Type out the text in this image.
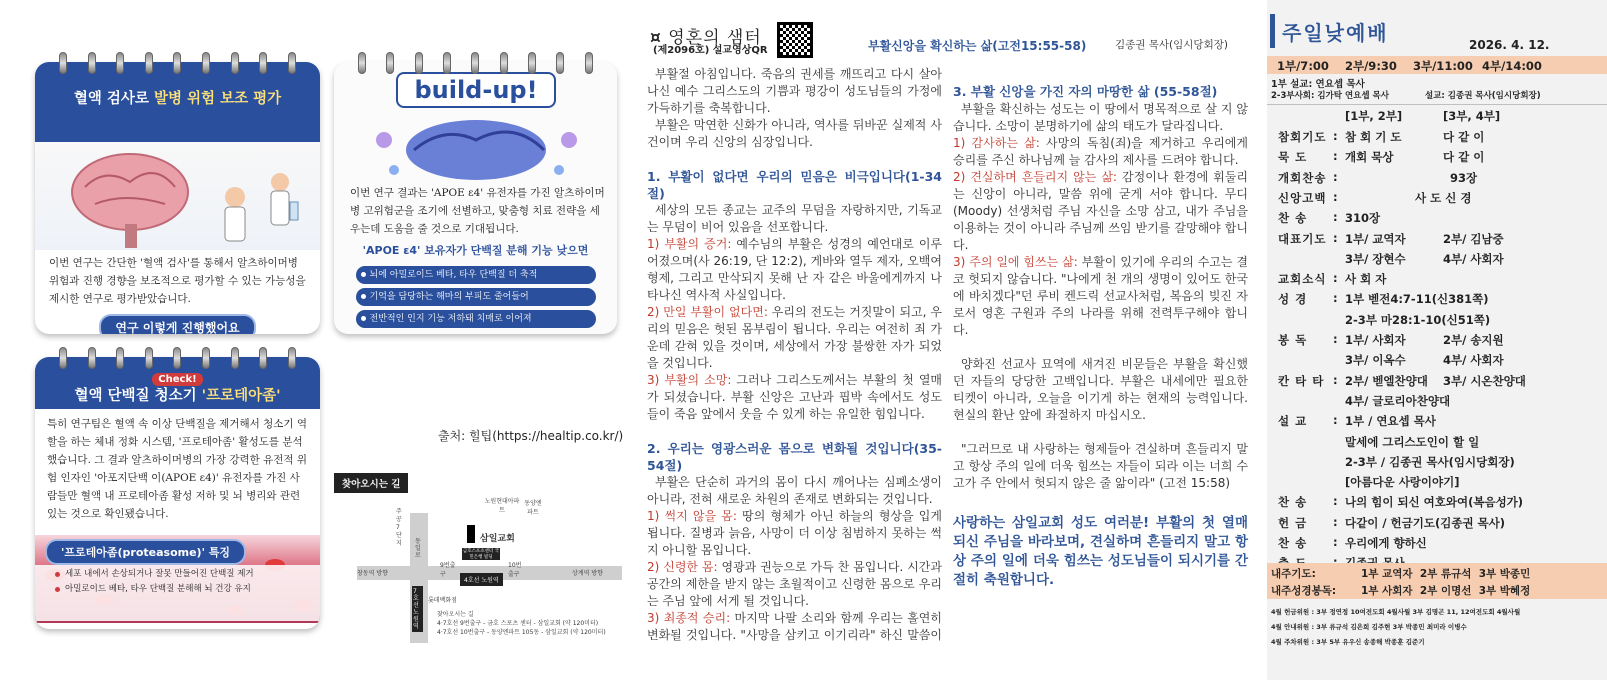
혈액 검사로 발병 위험 보조 평가
이번 연구는 간단한 '혈액 검사'를 통해서 알츠하이머병 위험과 진행 경향을 보조적으로 평가할 수 있는 가능성을 제시한 연구로 평가받았습니다.
연구 이렇게 진행했어요
build-up!
이번 연구 결과는 'APOE ε4' 유전자를 가진 알츠하이머병 고위험군을 조기에 선별하고, 맞춤형 치료 전략을 세우는데 도움을 줄 것으로 기대됩니다.
'APOE ε4' 보유자가 단백질 분해 기능 낮으면
뇌에 아밀로이드 베타, 타우 단백질 더 축적
기억을 담당하는 해마의 부피도 줄어들어
전반적인 인지 기능 저하돼 치매로 이어져
Check!
혈액 단백질 청소기 '프로테아좀'
특히 연구팀은 혈액 속 이상 단백질을 제거해서 청소기 역할을 하는 체내 정화 시스템, '프로테아좀' 활성도를 분석했습니다. 그 결과 알츠하이머병의 가장 강력한 유전적 위험 인자인 '아포지단백 이(APOE ε4)' 유전자를 가진 사람들만 혈액 내 프로테아좀 활성 저하 및 뇌 병리와 관련 있는 것으로 확인됐습니다.
'프로테아좀(proteasome)' 특징
세포 내에서 손상되거나 잘못 만들어진 단백질 제거
아밀로이드 베타, 타우 단백질 분해해 뇌 건강 유지
출처: 힐팁(https://healtip.co.kr/)
찾아오시는 길
주공7단지	동일로
노원현대아파트
동양엔파트
삼일교회
금호스포츠센터 국민은행 빌딩
창동역 방향	상계역 방향
9번출구
10번출구
4호선 노원역
7호선노원역
롯데백화점
찾아오시는 길
4·7호선 9번출구 - 금호 스포츠 센터 - 삼일교회 (약 120미터)
4·7호선 10번출구 - 동양엔파트 105동 - 삼일교회 (약 120미터)
¤ 영혼의 샘터
(제2096호) 설교영상QR	부활신앙을 확신하는 삶(고전15:55-58)	김종권 목사(임시당회장)

부활절 아침입니다. 죽음의 권세를 깨뜨리고 다시 살아나신 예수 그리스도의 기쁨과 평강이 성도님들의 가정에 가득하기를 축복합니다.

부활은 막연한 신화가 아니라, 역사를 뒤바꾼 실제적 사건이며 우리 신앙의 심장입니다.

1. 부활이 없다면 우리의 믿음은 비극입니다(1-34절)

세상의 모든 종교는 교주의 무덤을 자랑하지만, 기독교는 무덤이 비어 있음을 선포합니다.

1) 부활의 증거: 예수님의 부활은 성경의 예언대로 이루어졌으며(사 26:19, 단 12:2), 게바와 열두 제자, 오백여 형제, 그리고 만삭되지 못해 난 자 같은 바울에게까지 나타나신 역사적 사실입니다.

2) 만일 부활이 없다면: 우리의 전도는 거짓말이 되고, 우리의 믿음은 헛된 몸부림이 됩니다. 우리는 여전히 죄 가운데 갇혀 있을 것이며, 세상에서 가장 불쌍한 자가 되었을 것입니다.

3) 부활의 소망: 그러나 그리스도께서는 부활의 첫 열매가 되셨습니다. 부활 신앙은 고난과 핍박 속에서도 성도들이 죽음 앞에서 웃을 수 있게 하는 유일한 힘입니다.

2. 우리는 영광스러운 몸으로 변화될 것입니다(35-54절)

부활은 단순히 과거의 몸이 다시 깨어나는 심폐소생이 아니라, 전혀 새로운 차원의 존재로 변화되는 것입니다.

1) 썩지 않을 몸: 땅의 형체가 아닌 하늘의 형상을 입게 됩니다. 질병과 늙음, 사망이 더 이상 침범하지 못하는 썩지 아니할 몸입니다.

2) 신령한 몸: 영광과 권능으로 가득 찬 몸입니다. 시간과 공간의 제한을 받지 않는 초월적이고 신령한 몸으로 우리는 주님 앞에 서게 될 것입니다.

3) 최종적 승리: 마지막 나팔 소리와 함께 우리는 홀연히 변화될 것입니다. "사망을 삼키고 이기리라" 하신 말씀이

3. 부활 신앙을 가진 자의 마땅한 삶 (55-58절)

부활을 확신하는 성도는 이 땅에서 명목적으로 살 지 않습니다. 소망이 분명하기에 삶의 태도가 달라집니다.

1) 감사하는 삶: 사망의 독침(죄)을 제거하고 우리에게 승리를 주신 하나님께 늘 감사의 제사를 드려야 합니다.

2) 견실하며 흔들리지 않는 삶: 감정이나 환경에 휘둘리는 신앙이 아니라, 말씀 위에 굳게 서야 합니다. 무디(Moody) 선생처럼 주님 자신을 소망 삼고, 내가 주님을 이용하는 것이 아니라 주님께 쓰임 받기를 갈망해야 합니다.

3) 주의 일에 힘쓰는 삶: 부활이 있기에 우리의 수고는 결코 헛되지 않습니다. "나에게 천 개의 생명이 있어도 한국에 바치겠다"던 루비 켄드릭 선교사처럼, 복음의 빚진 자로서 영혼 구원과 주의 나라를 위해 전력투구해야 합니다.

양화진 선교사 묘역에 새겨진 비문들은 부활을 확신했던 자들의 당당한 고백입니다. 부활은 내세에만 필요한 티켓이 아니라, 오늘을 이기게 하는 현재의 능력입니다. 현실의 환난 앞에 좌절하지 마십시오.

"그러므로 내 사랑하는 형제들아 견실하며 흔들리지 말고 항상 주의 일에 더욱 힘쓰는 자들이 되라 이는 너희 수고가 주 안에서 헛되지 않은 줄 앎이라" (고전 15:58)

사랑하는 삼일교회 성도 여러분! 부활의 첫 열매 되신 주님을 바라보며, 견실하며 흔들리지 말고 항상 주의 일에 더욱 힘쓰는 성도님들이 되시기를 간절히 축원합니다.

주일낮예배	2026. 4. 12.
1부/7:00 2부/9:30 3부/11:00 4부/14:00
1부 설교: 연요셉 목사
2-3부사회: 김가탁 연요셉 목사	설교: 김종권 목사(임시당회장)
[1부, 2부]	[3부, 4부]
참회기도 : 참 회 기 도	다 같 이
묵 도 : 개회 묵상	다 같 이
개회찬송 :	93장
신앙고백 :	사 도 신 경
찬 송 : 310장
대표기도 : 1부/ 교역자	2부/ 김남중
3부/ 장현수	4부/ 사회자
교회소식 : 사 회 자
성 경 : 1부 벧전4:7-11(신381쪽)
2-3부 마28:1-10(신51쪽)
봉 독 : 1부/ 사회자	2부/ 송지원
3부/ 이옥수	4부/ 사회자
칸 타 타 : 2부/ 벧엘찬양대 3부/ 시온찬양대
4부/ 글로리아찬양대
설 교 : 1부 / 연요셉 목사
말세에 그리스도인이 할 일
2-3부 / 김종권 목사(임시당회장)
[아름다운 사랑이야기]
찬 송 : 나의 힘이 되신 여호와여(복음성가)
헌 금 : 다같이 / 헌금기도(김종권 목사)
찬 송 : 우리에게 향하신
내주기도:	1부 교역자  2부 류규석  3부 박종민
내주성경봉독: 1부 사회자  2부 이명선  3부 박혜정
4월 헌금위원 : 3부 정연정 10여전도회 4월사월 3부 김명곤 11, 12여전도회 4월사월
4월 안내위원 : 3부 류규석 김은희 김주현 3부 박종민 최미라 이병수
4월 주차위원 : 3부 5부 유우신 송종해 박종훈 김준기
